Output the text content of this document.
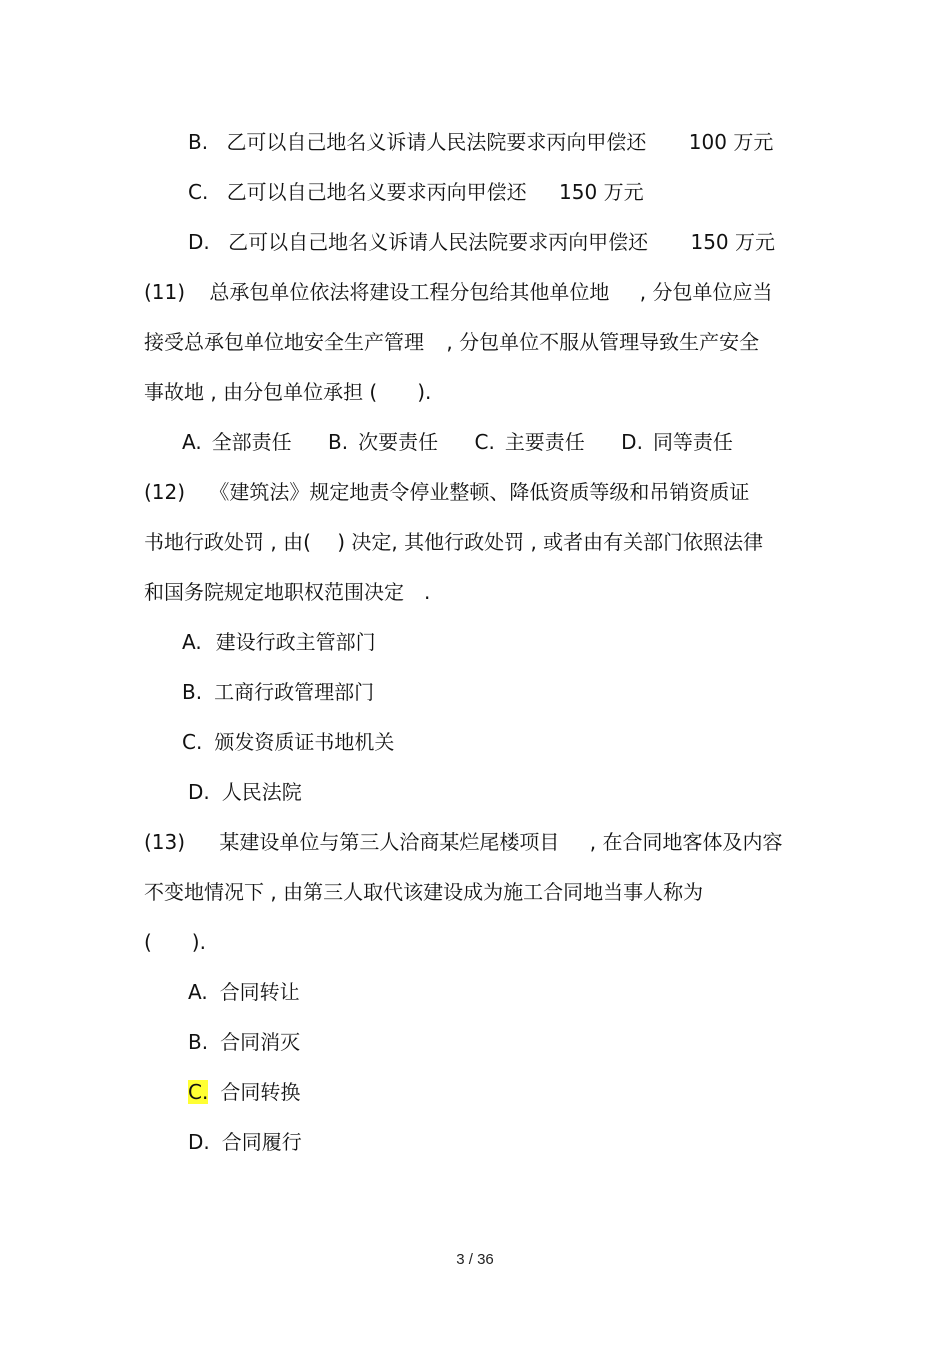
B. 乙可以自己地名义诉请人民法院要求丙向甲偿还 100 万元
C. 乙可以自己地名义要求丙向甲偿还 150 万元
D. 乙可以自己地名义诉请人民法院要求丙向甲偿还 150 万元
(11) 总承包单位依法将建设工程分包给其他单位地 , 分包单位应当
接受总承包单位地安全生产管理 , 分包单位不服从管理导致生产安全
事故地 , 由分包单位承担 (　　).
A. 全部责任 B. 次要责任 C. 主要责任 D. 同等责任
(12) 《建筑法》规定地责令停业整顿、降低资质等级和吊销资质证
书地行政处罚 , 由(　 ) 决定, 其他行政处罚 , 或者由有关部门依照法律
和国务院规定地职权范围决定　.
A. 建设行政主管部门
B. 工商行政管理部门
C. 颁发资质证书地机关
D. 人民法院
(13) 某建设单位与第三人洽商某烂尾楼项目 , 在合同地客体及内容
不变地情况下 , 由第三人取代该建设成为施工合同地当事人称为
(　　).
A. 合同转让
B. 合同消灭
C. 合同转换
D. 合同履行
3 / 36
